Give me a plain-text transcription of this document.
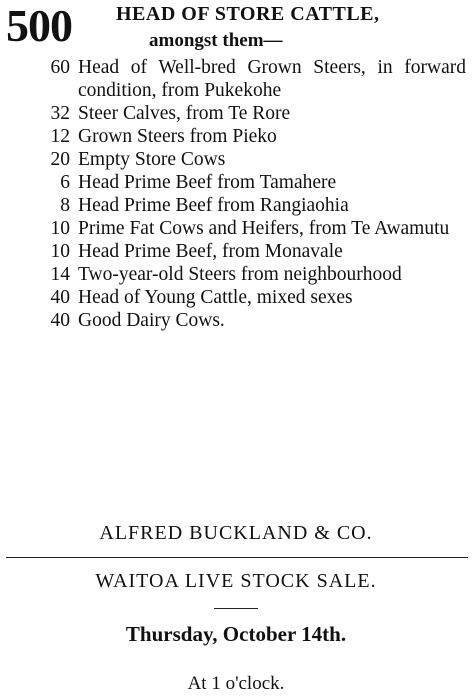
500 HEAD OF STORE CATTLE,
amongst them—
60 Head of Well-bred Grown Steers, in forward condition, from Pukekohe
32 Steer Calves, from Te Rore
12 Grown Steers from Pieko
20 Empty Store Cows
6 Head Prime Beef from Tamahere
8 Head Prime Beef from Rangiaohia
10 Prime Fat Cows and Heifers, from Te Awamutu
10 Head Prime Beef, from Monavale
14 Two-year-old Steers from neighbourhood
40 Head of Young Cattle, mixed sexes
40 Good Dairy Cows.
ALFRED BUCKLAND & CO.
WAITOA LIVE STOCK SALE.
Thursday, October 14th.
At 1 o'clock.
